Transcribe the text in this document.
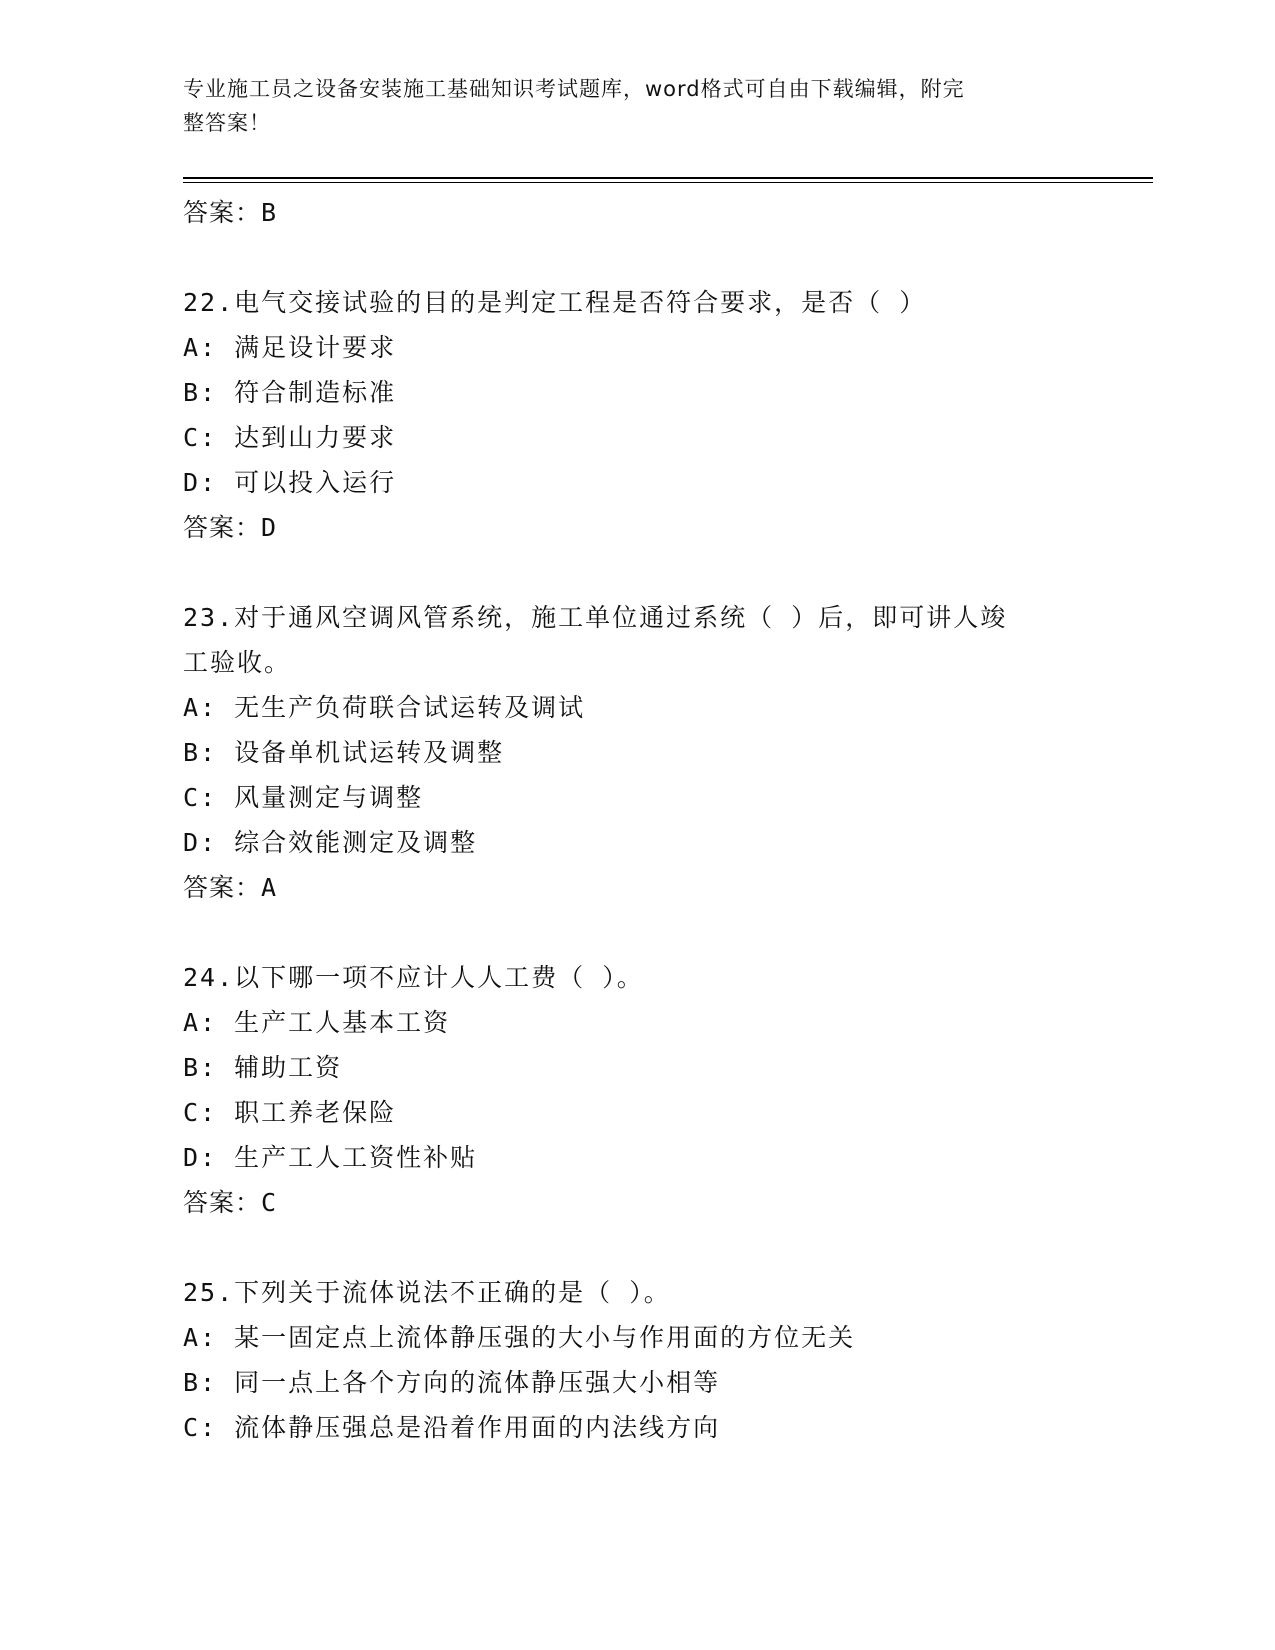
专业施工员之设备安装施工基础知识考试题库，word格式可自由下载编辑，附完
整答案！
答案：B
22.电气交接试验的目的是判定工程是否符合要求，是否（ ）
A: 满足设计要求
B: 符合制造标准
C: 达到山力要求
D: 可以投入运行
答案：D
23.对于通风空调风管系统，施工单位通过系统（ ）后，即可讲人竣
工验收。
A: 无生产负荷联合试运转及调试
B: 设备单机试运转及调整
C: 风量测定与调整
D: 综合效能测定及调整
答案：A
24.以下哪一项不应计人人工费（ ）。
A: 生产工人基本工资
B: 辅助工资
C: 职工养老保险
D: 生产工人工资性补贴
答案：C
25.下列关于流体说法不正确的是（ ）。
A: 某一固定点上流体静压强的大小与作用面的方位无关
B: 同一点上各个方向的流体静压强大小相等
C: 流体静压强总是沿着作用面的内法线方向
